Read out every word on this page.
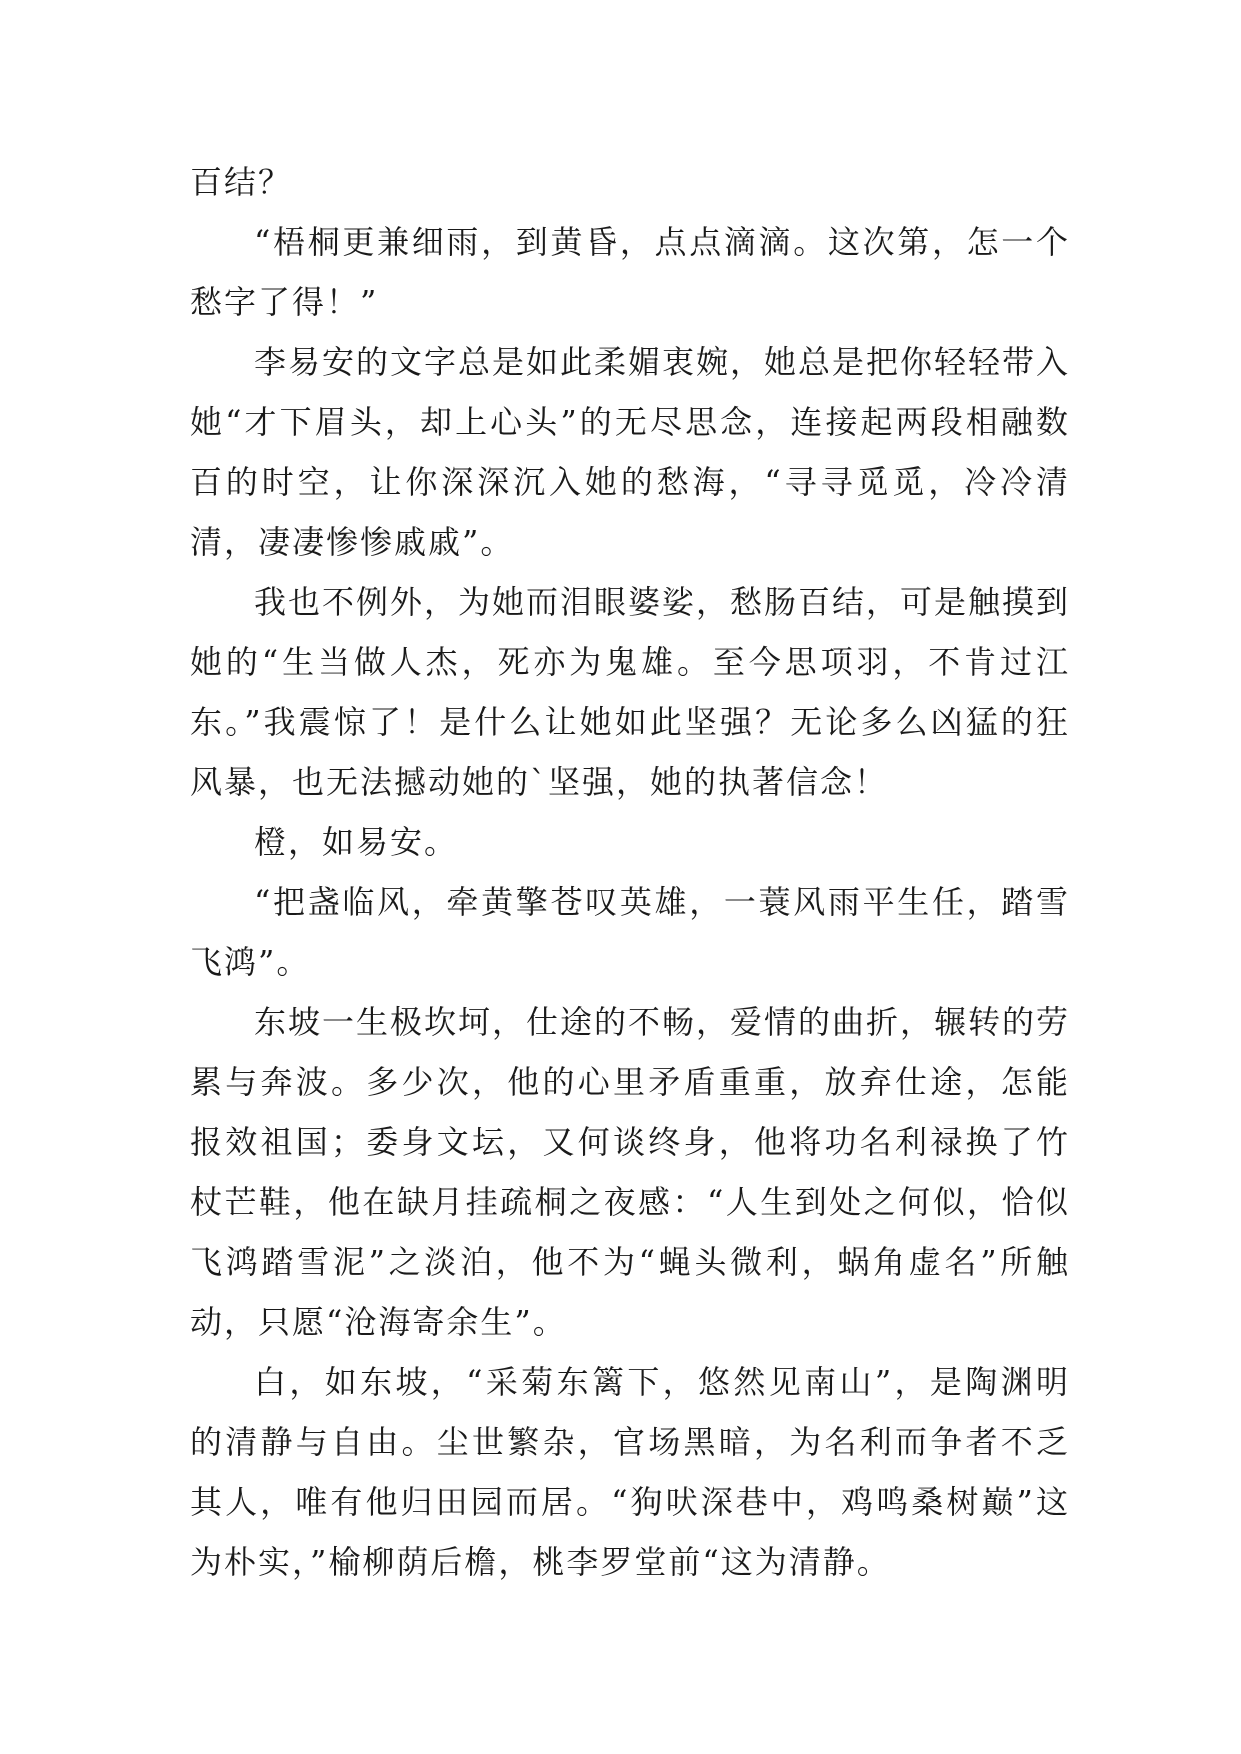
百结？

“梧桐更兼细雨，到黄昏，点点滴滴。这次第，怎一个愁字了得！”

李易安的文字总是如此柔媚衷婉，她总是把你轻轻带入她“才下眉头，却上心头”的无尽思念，连接起两段相融数百的时空，让你深深沉入她的愁海，“寻寻觅觅，冷冷清清，凄凄惨惨戚戚”。

我也不例外，为她而泪眼婆娑，愁肠百结，可是触摸到她的“生当做人杰，死亦为鬼雄。至今思项羽，不肯过江东。”我震惊了！是什么让她如此坚强？无论多么凶猛的狂风暴，也无法撼动她的`坚强，她的执著信念！

橙，如易安。

“把盏临风，牵黄擎苍叹英雄，一蓑风雨平生任，踏雪飞鸿”。

东坡一生极坎坷，仕途的不畅，爱情的曲折，辗转的劳累与奔波。多少次，他的心里矛盾重重，放弃仕途，怎能报效祖国；委身文坛，又何谈终身，他将功名利禄换了竹杖芒鞋，他在缺月挂疏桐之夜感：“人生到处之何似，恰似飞鸿踏雪泥”之淡泊，他不为“蝇头微利，蜗角虚名”所触动，只愿“沧海寄余生”。

白，如东坡，“采菊东篱下，悠然见南山”，是陶渊明的清静与自由。尘世繁杂，官场黑暗，为名利而争者不乏其人，唯有他归田园而居。“狗吠深巷中，鸡鸣桑树巅”这为朴实，”榆柳荫后檐，桃李罗堂前“这为清静。
